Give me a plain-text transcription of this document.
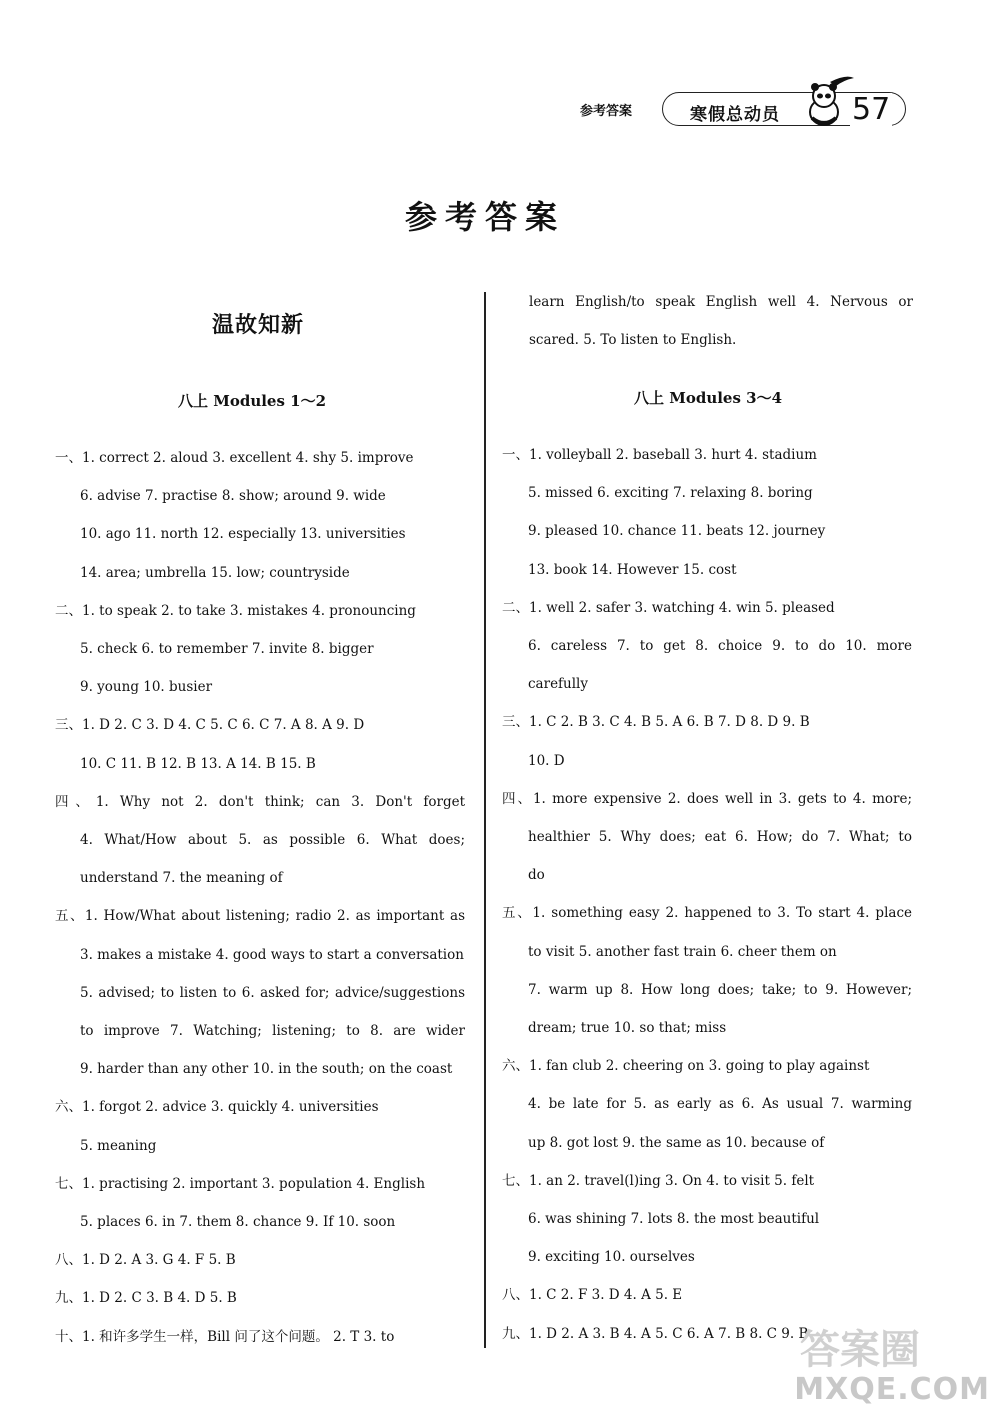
参考答案	寒假总动员 57
参考答案
温故知新
八上 Modules 1～2
一、1. correct 2. aloud 3. excellent 4. shy 5. improve
6. advise 7. practise 8. show; around 9. wide
10. ago 11. north 12. especially 13. universities
14. area; umbrella 15. low; countryside
二、1. to speak 2. to take 3. mistakes 4. pronouncing
5. check 6. to remember 7. invite 8. bigger
9. young 10. busier
三、1. D 2. C 3. D 4. C 5. C 6. C 7. A 8. A 9. D
10. C 11. B 12. B 13. A 14. B 15. B
四、1. Why not 2. don't think; can 3. Don't forget
4. What/How about 5. as possible 6. What does;
understand 7. the meaning of
五、1. How/What about listening; radio 2. as important as
3. makes a mistake 4. good ways to start a conversation
5. advised; to listen to 6. asked for; advice/suggestions
to improve 7. Watching; listening; to 8. are wider
9. harder than any other 10. in the south; on the coast
六、1. forgot 2. advice 3. quickly 4. universities
5. meaning
七、1. practising 2. important 3. population 4. English
5. places 6. in 7. them 8. chance 9. If 10. soon
八、1. D 2. A 3. G 4. F 5. B
九、1. D 2. C 3. B 4. D 5. B
十、1. 和许多学生一样，Bill 问了这个问题。 2. T 3. to
learn English/to speak English well 4. Nervous or
scared. 5. To listen to English.
八上 Modules 3～4
一、1. volleyball 2. baseball 3. hurt 4. stadium
5. missed 6. exciting 7. relaxing 8. boring
9. pleased 10. chance 11. beats 12. journey
13. book 14. However 15. cost
二、1. well 2. safer 3. watching 4. win 5. pleased
6. careless 7. to get 8. choice 9. to do 10. more
carefully
三、1. C 2. B 3. C 4. B 5. A 6. B 7. D 8. D 9. B
10. D
四、1. more expensive 2. does well in 3. gets to 4. more;
healthier 5. Why does; eat 6. How; do 7. What; to
do
五、1. something easy 2. happened to 3. To start 4. place
to visit 5. another fast train 6. cheer them on
7. warm up 8. How long does; take; to 9. However;
dream; true 10. so that; miss
六、1. fan club 2. cheering on 3. going to play against
4. be late for 5. as early as 6. As usual 7. warming
up 8. got lost 9. the same as 10. because of
七、1. an 2. travel(l)ing 3. On 4. to visit 5. felt
6. was shining 7. lots 8. the most beautiful
9. exciting 10. ourselves
八、1. C 2. F 3. D 4. A 5. E
九、1. D 2. A 3. B 4. A 5. C 6. A 7. B 8. C 9. B
答案圈
MXQE.COM
